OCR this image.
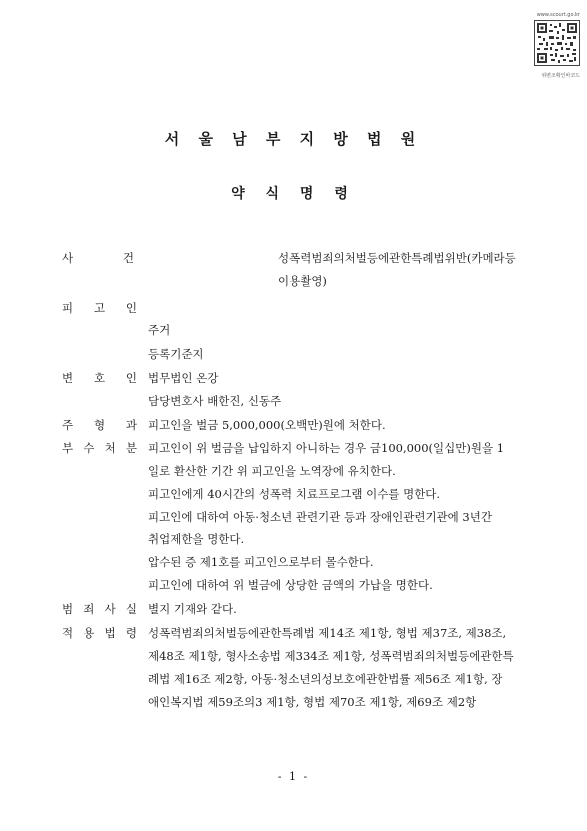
www.scourt.go.kr
위변조확인바코드
서 울 남 부 지 방 법 원
약 식 명 령
사	건	성폭력범죄의처벌등에관한특례법위반(카메라등
이용촬영)
피 고 인
주거
등록기준지
변 호 인 법무법인 온강
담당변호사 배한진, 신동주
주 형 과 피고인을 벌금 5,000,000(오백만)원에 처한다.
부 수 처 분 피고인이 위 벌금을 납입하지 아니하는 경우 금100,000(일십만)원을 1
일로 환산한 기간 위 피고인을 노역장에 유치한다.
피고인에게 40시간의 성폭력 치료프로그램 이수를 명한다.
피고인에 대하여 아동·청소년 관련기관 등과 장애인관련기관에 3년간
취업제한을 명한다.
압수된 증 제1호를 피고인으로부터 몰수한다.
피고인에 대하여 위 벌금에 상당한 금액의 가납을 명한다.
범 죄 사 실 별지 기재와 같다.
적 용 법 령 성폭력범죄의처벌등에관한특례법 제14조 제1항, 형법 제37조, 제38조,
제48조 제1항, 형사소송법 제334조 제1항, 성폭력범죄의처벌등에관한특
례법 제16조 제2항, 아동·청소년의성보호에관한법률 제56조 제1항, 장
애인복지법 제59조의3 제1항, 형법 제70조 제1항, 제69조 제2항
- 1 -
